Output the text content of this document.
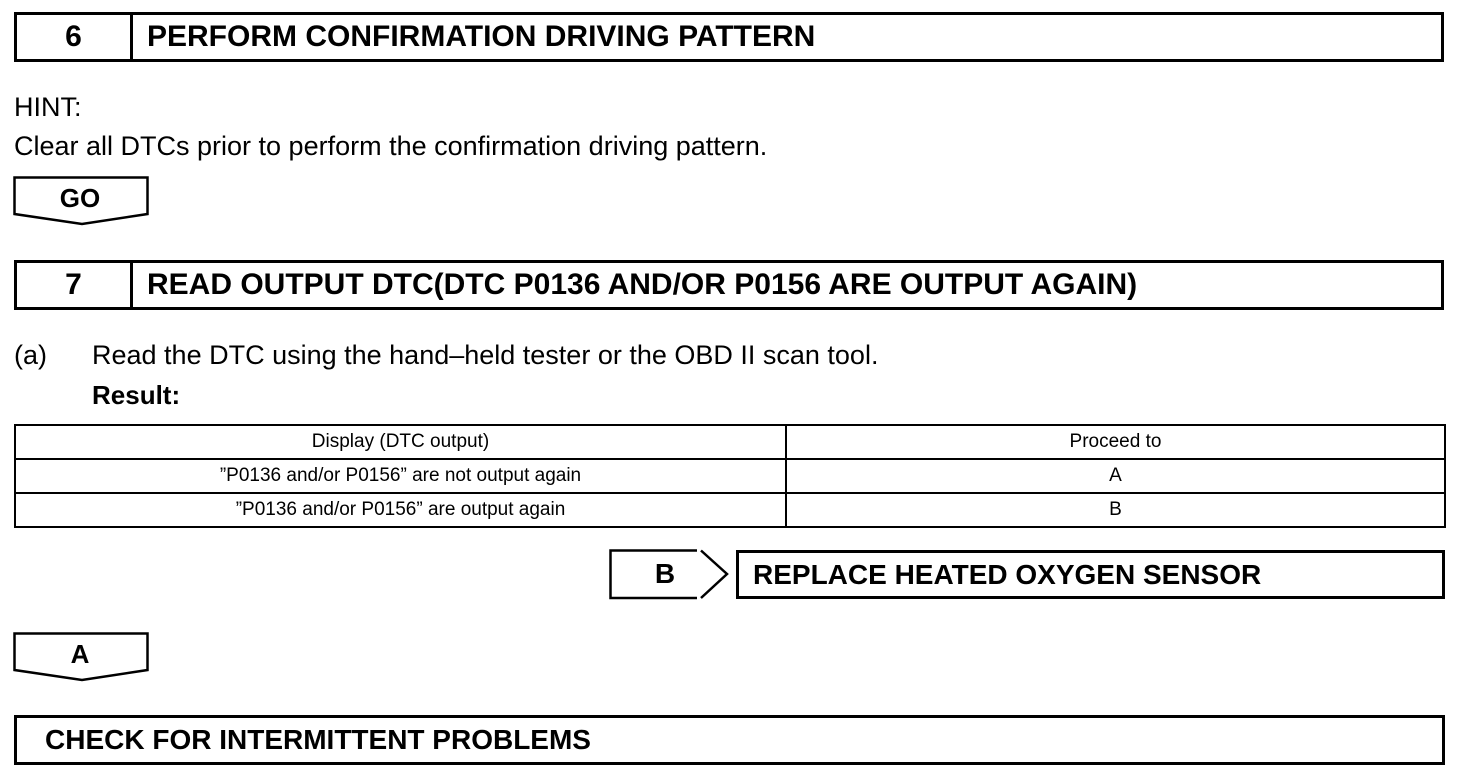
6	PERFORM CONFIRMATION DRIVING PATTERN
HINT:
Clear all DTCs prior to perform the confirmation driving pattern.
GO
7	READ OUTPUT DTC(DTC P0136 AND/OR P0156 ARE OUTPUT AGAIN)
(a) Read the DTC using the hand–held tester or the OBD II scan tool.
Result:
Display (DTC output)	Proceed to
”P0136 and/or P0156” are not output again	A
”P0136 and/or P0156” are output again	B
B	REPLACE HEATED OXYGEN SENSOR
A
CHECK FOR INTERMITTENT PROBLEMS
